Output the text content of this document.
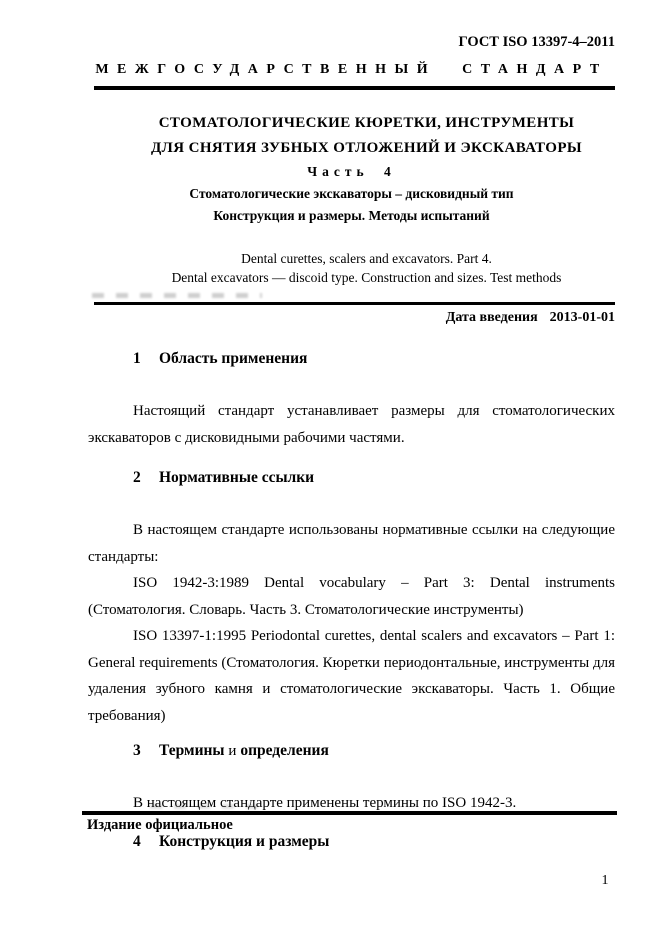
ГОСТ ISO 13397-4–2011
МЕЖГОСУДАРСТВЕННЫЙ СТАНДАРТ
СТОМАТОЛОГИЧЕСКИЕ КЮРЕТКИ, ИНСТРУМЕНТЫ
ДЛЯ СНЯТИЯ ЗУБНЫХ ОТЛОЖЕНИЙ И ЭКСКАВАТОРЫ
Часть 4
Стоматологические экскаваторы – дисковидный тип
Конструкция и размеры. Методы испытаний
Dental curettes, scalers and excavators. Part 4.
Dental excavators — discoid type. Construction and sizes. Test methods
Дата введения 2013-01-01
1 Область применения

Настоящий стандарт устанавливает размеры для стоматологических экскаваторов с дисковидными рабочими частями.

2 Нормативные ссылки

В настоящем стандарте использованы нормативные ссылки на следующие стандарты:

ISO 1942-3:1989 Dental vocabulary – Part 3: Dental instruments (Стоматология. Словарь. Часть 3. Стоматологические инструменты)

ISO 13397-1:1995 Periodontal curettes, dental scalers and excavators – Part 1: General requirements (Стоматология. Кюретки периодонтальные, инструменты для удаления зубного камня и стоматологические экскаваторы. Часть 1. Общие требования)

3 Термины и определения

В настоящем стандарте применены термины по ISO 1942-3.

4 Конструкция и размеры
Издание официальное
1
